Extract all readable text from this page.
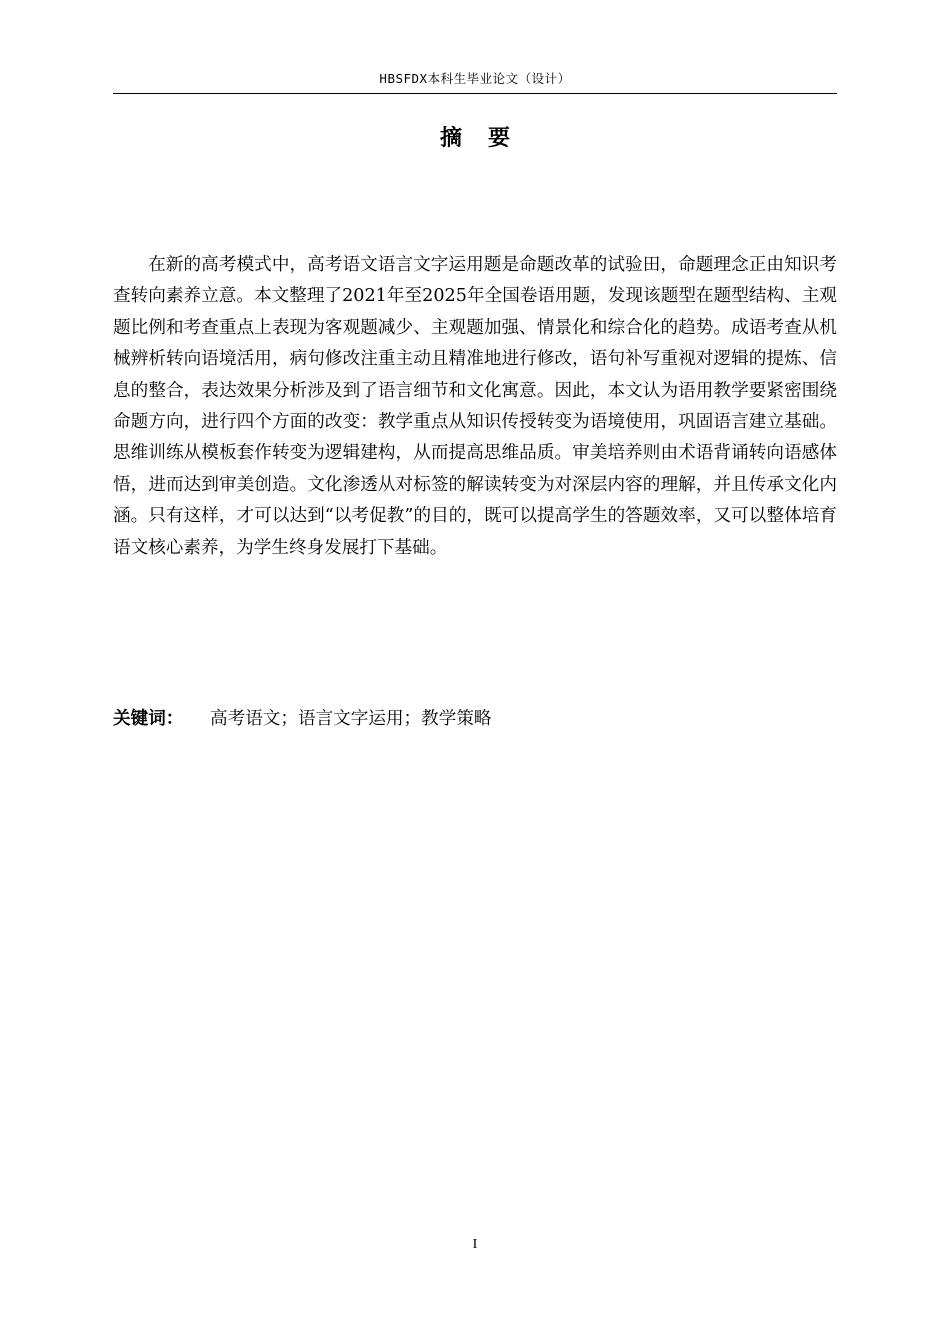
HBSFDX本科生毕业论文（设计）
摘要

在新的高考模式中，高考语文语言文字运用题是命题改革的试验田，命题理念正由知识考查转向素养立意。本文整理了2021年至2025年全国卷语用题，发现该题型在题型结构、主观题比例和考查重点上表现为客观题减少、主观题加强、情景化和综合化的趋势。成语考查从机械辨析转向语境活用，病句修改注重主动且精准地进行修改，语句补写重视对逻辑的提炼、信息的整合，表达效果分析涉及到了语言细节和文化寓意。因此，本文认为语用教学要紧密围绕命题方向，进行四个方面的改变：教学重点从知识传授转变为语境使用，巩固语言建立基础。思维训练从模板套作转变为逻辑建构，从而提高思维品质。审美培养则由术语背诵转向语感体悟，进而达到审美创造。文化渗透从对标签的解读转变为对深层内容的理解，并且传承文化内涵。只有这样，才可以达到“以考促教”的目的，既可以提高学生的答题效率，又可以整体培育语文核心素养，为学生终身发展打下基础。

关键词： 高考语文；语言文字运用；教学策略
I
